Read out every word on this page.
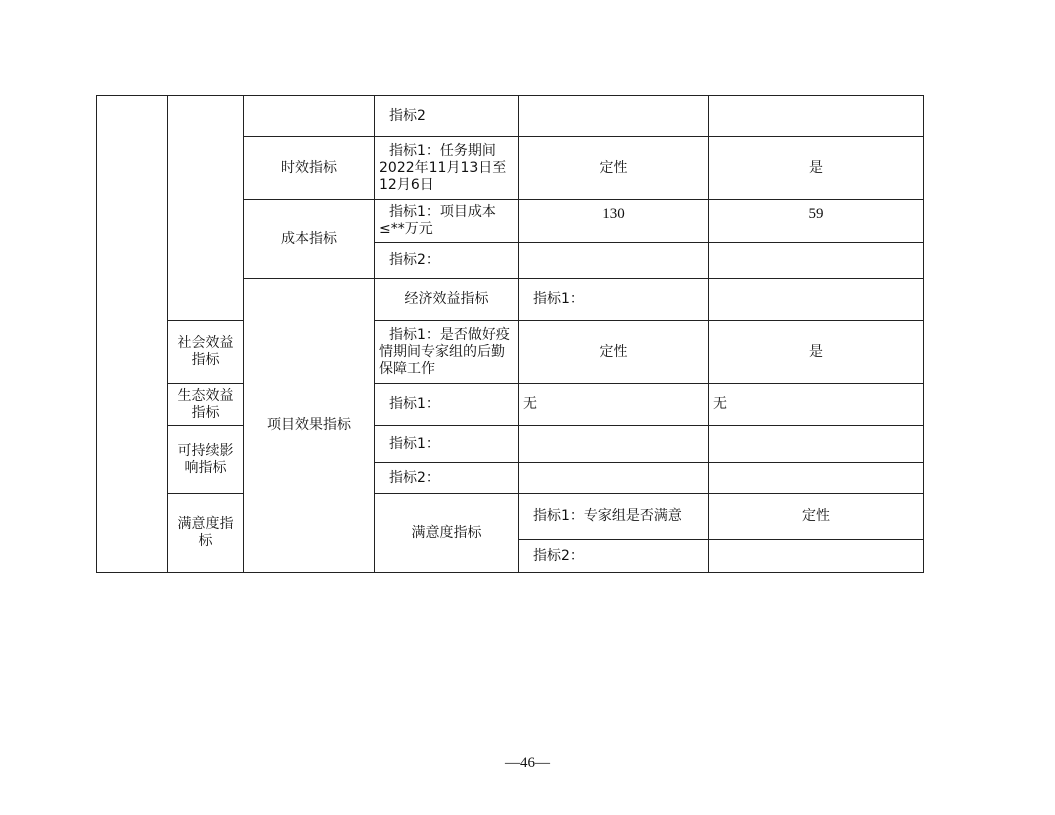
			指标2			
		时效指标	指标1：任务期间2022年11月13日至12月6日	定性	是	
		成本指标	指标1：项目成本≤**万元	130	59	
			指标2：			
		项目效果指标	经济效益指标	指标1：		
	社会效益指标		指标1：是否做好疫情期间专家组的后勤保障工作	定性	是	
	生态效益指标		指标1：	无	无	
	可持续影响指标		指标1：			
			指标2：			
	满意度指标		满意度指标	指标1：专家组是否满意	定性	
				指标2：		
—46—
